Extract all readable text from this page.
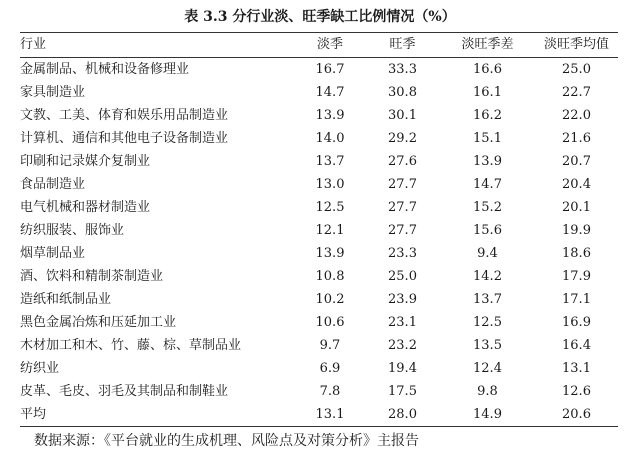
表 3.3 分行业淡、旺季缺工比例情况（%）
行业	淡季	旺季	淡旺季差	淡旺季均值
金属制品、机械和设备修理业	16.7	33.3	16.6	25.0
家具制造业	14.7	30.8	16.1	22.7
文教、工美、体育和娱乐用品制造业	13.9	30.1	16.2	22.0
计算机、通信和其他电子设备制造业	14.0	29.2	15.1	21.6
印刷和记录媒介复制业	13.7	27.6	13.9	20.7
食品制造业	13.0	27.7	14.7	20.4
电气机械和器材制造业	12.5	27.7	15.2	20.1
纺织服装、服饰业	12.1	27.7	15.6	19.9
烟草制品业	13.9	23.3	9.4	18.6
酒、饮料和精制茶制造业	10.8	25.0	14.2	17.9
造纸和纸制品业	10.2	23.9	13.7	17.1
黑色金属冶炼和压延加工业	10.6	23.1	12.5	16.9
木材加工和木、竹、藤、棕、草制品业	9.7	23.2	13.5	16.4
纺织业	6.9	19.4	12.4	13.1
皮革、毛皮、羽毛及其制品和制鞋业	7.8	17.5	9.8	12.6
平均	13.1	28.0	14.9	20.6
数据来源：《平台就业的生成机理、风险点及对策分析》主报告
